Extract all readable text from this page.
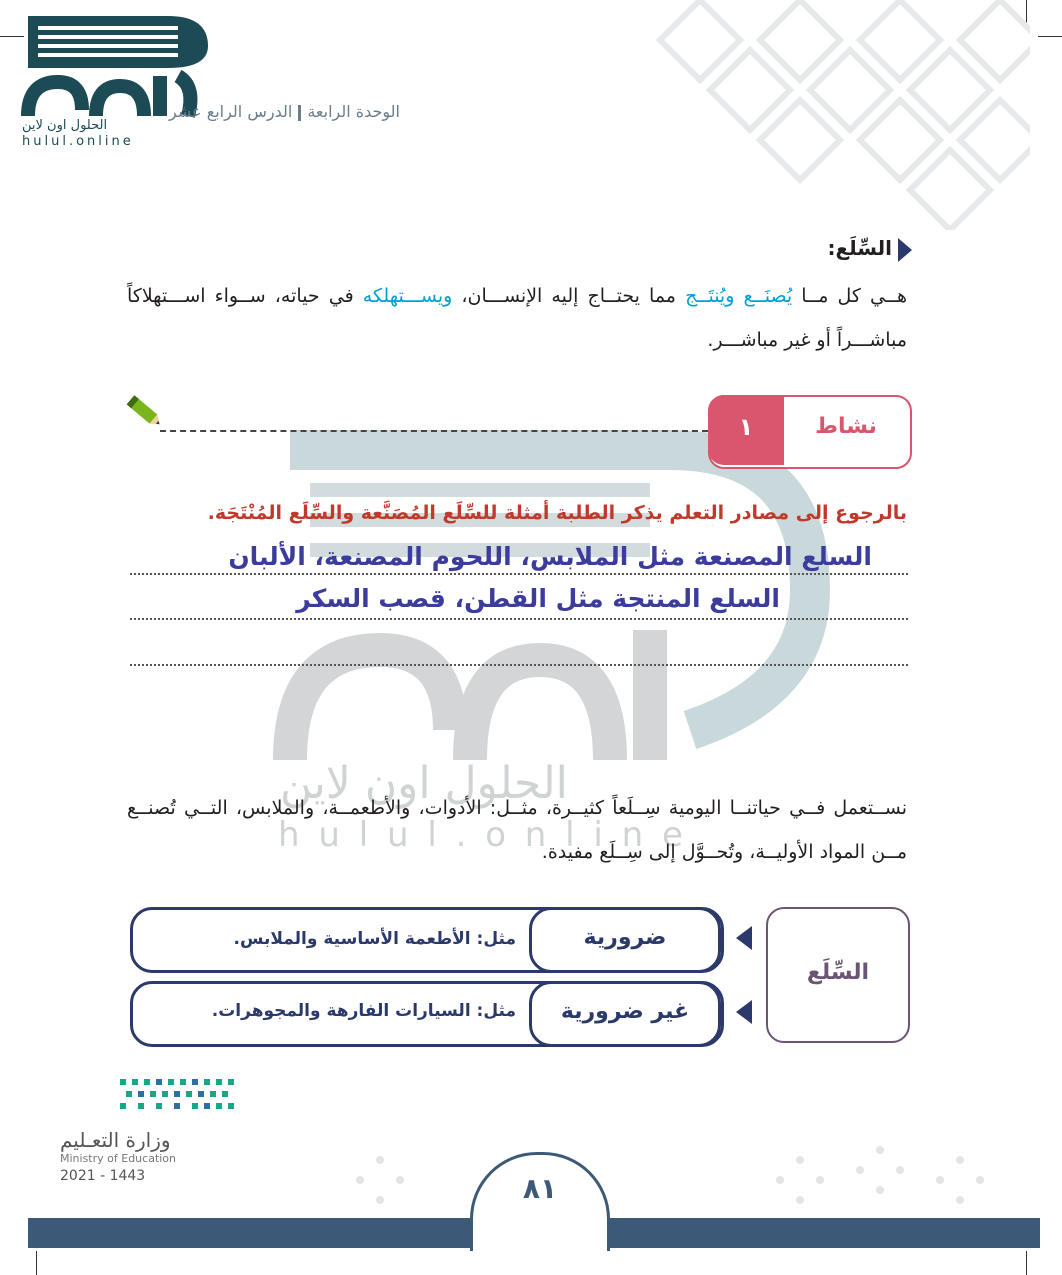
الحلول اون لاين
h u l u l . o n l i n e
الحلول اون لاين
hulul.online
الوحدة الرابعةالدرس الرابع عشر
السِّلَع:
هــي كل مــا يُصنَــع ويُنتَــج مما يحتــاج إليه الإنســـان، ويســـتهلكه في حياته، ســواء اســـتهلاكاً مباشـــراً أو غير مباشـــر.
١	نشاط
بالرجوع إلى مصادر التعلم يذكر الطلبة أمثلة للسِّلَع المُصَنَّعة والسِّلَع المُنْتَجَة.
السلع المصنعة مثل الملابس، اللحوم المصنعة، الألبان
السلع المنتجة مثل القطن، قصب السكر
نســتعمل فــي حياتنــا اليومية سِــلَعاً كثيــرة، مثــل: الأدوات، والأطعمــة، والملابس، التــي تُصنــع مــن المواد الأوليــة، وتُحــوَّل إلى سِــلَع مفيدة.
السِّلَع
ضرورية
مثل: الأطعمة الأساسية والملابس.
غير ضرورية
مثل: السيارات الفارهة والمجوهرات.
وزارة التعـليم
Ministry of Education
2021 - 1443	٨١
